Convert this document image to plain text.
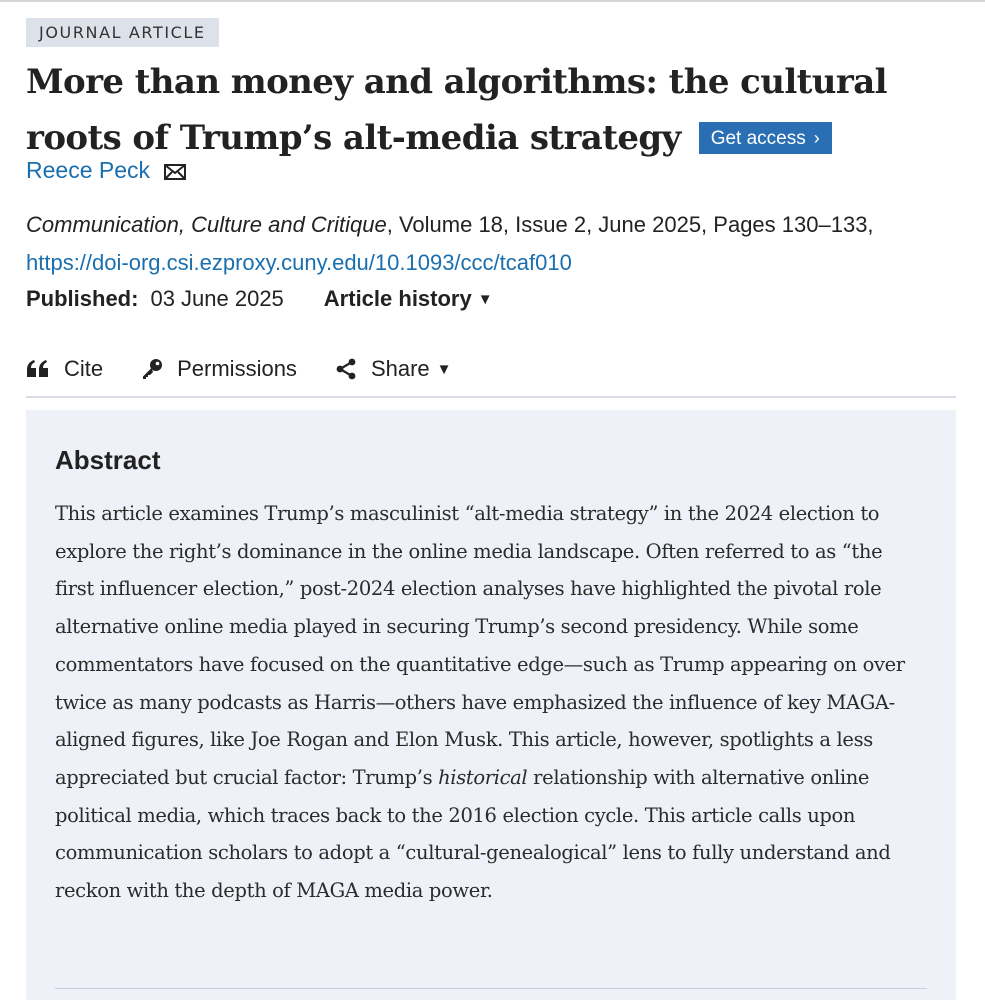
JOURNAL ARTICLE
More than money and algorithms: the cultural roots of Trump’s alt-media strategy Get access ›
Reece Peck
Communication, Culture and Critique, Volume 18, Issue 2, June 2025, Pages 130–133,
https://doi-org.csi.ezproxy.cuny.edu/10.1093/ccc/tcaf010
Published: 03 June 2025 Article history ▼
Cite	Permissions	Share ▼
Abstract

This article examines Trump’s masculinist “alt-media strategy” in the 2024 election to explore the right’s dominance in the online media landscape. Often referred to as “the first influencer election,” post-2024 election analyses have highlighted the pivotal role alternative online media played in securing Trump’s second presidency. While some commentators have focused on the quantitative edge—such as Trump appearing on over twice as many podcasts as Harris—others have emphasized the influence of key MAGA-aligned figures, like Joe Rogan and Elon Musk. This article, however, spotlights a less appreciated but crucial factor: Trump’s historical relationship with alternative online political media, which traces back to the 2016 election cycle. This article calls upon communication scholars to adopt a “cultural-genealogical” lens to fully understand and reckon with the depth of MAGA media power.
